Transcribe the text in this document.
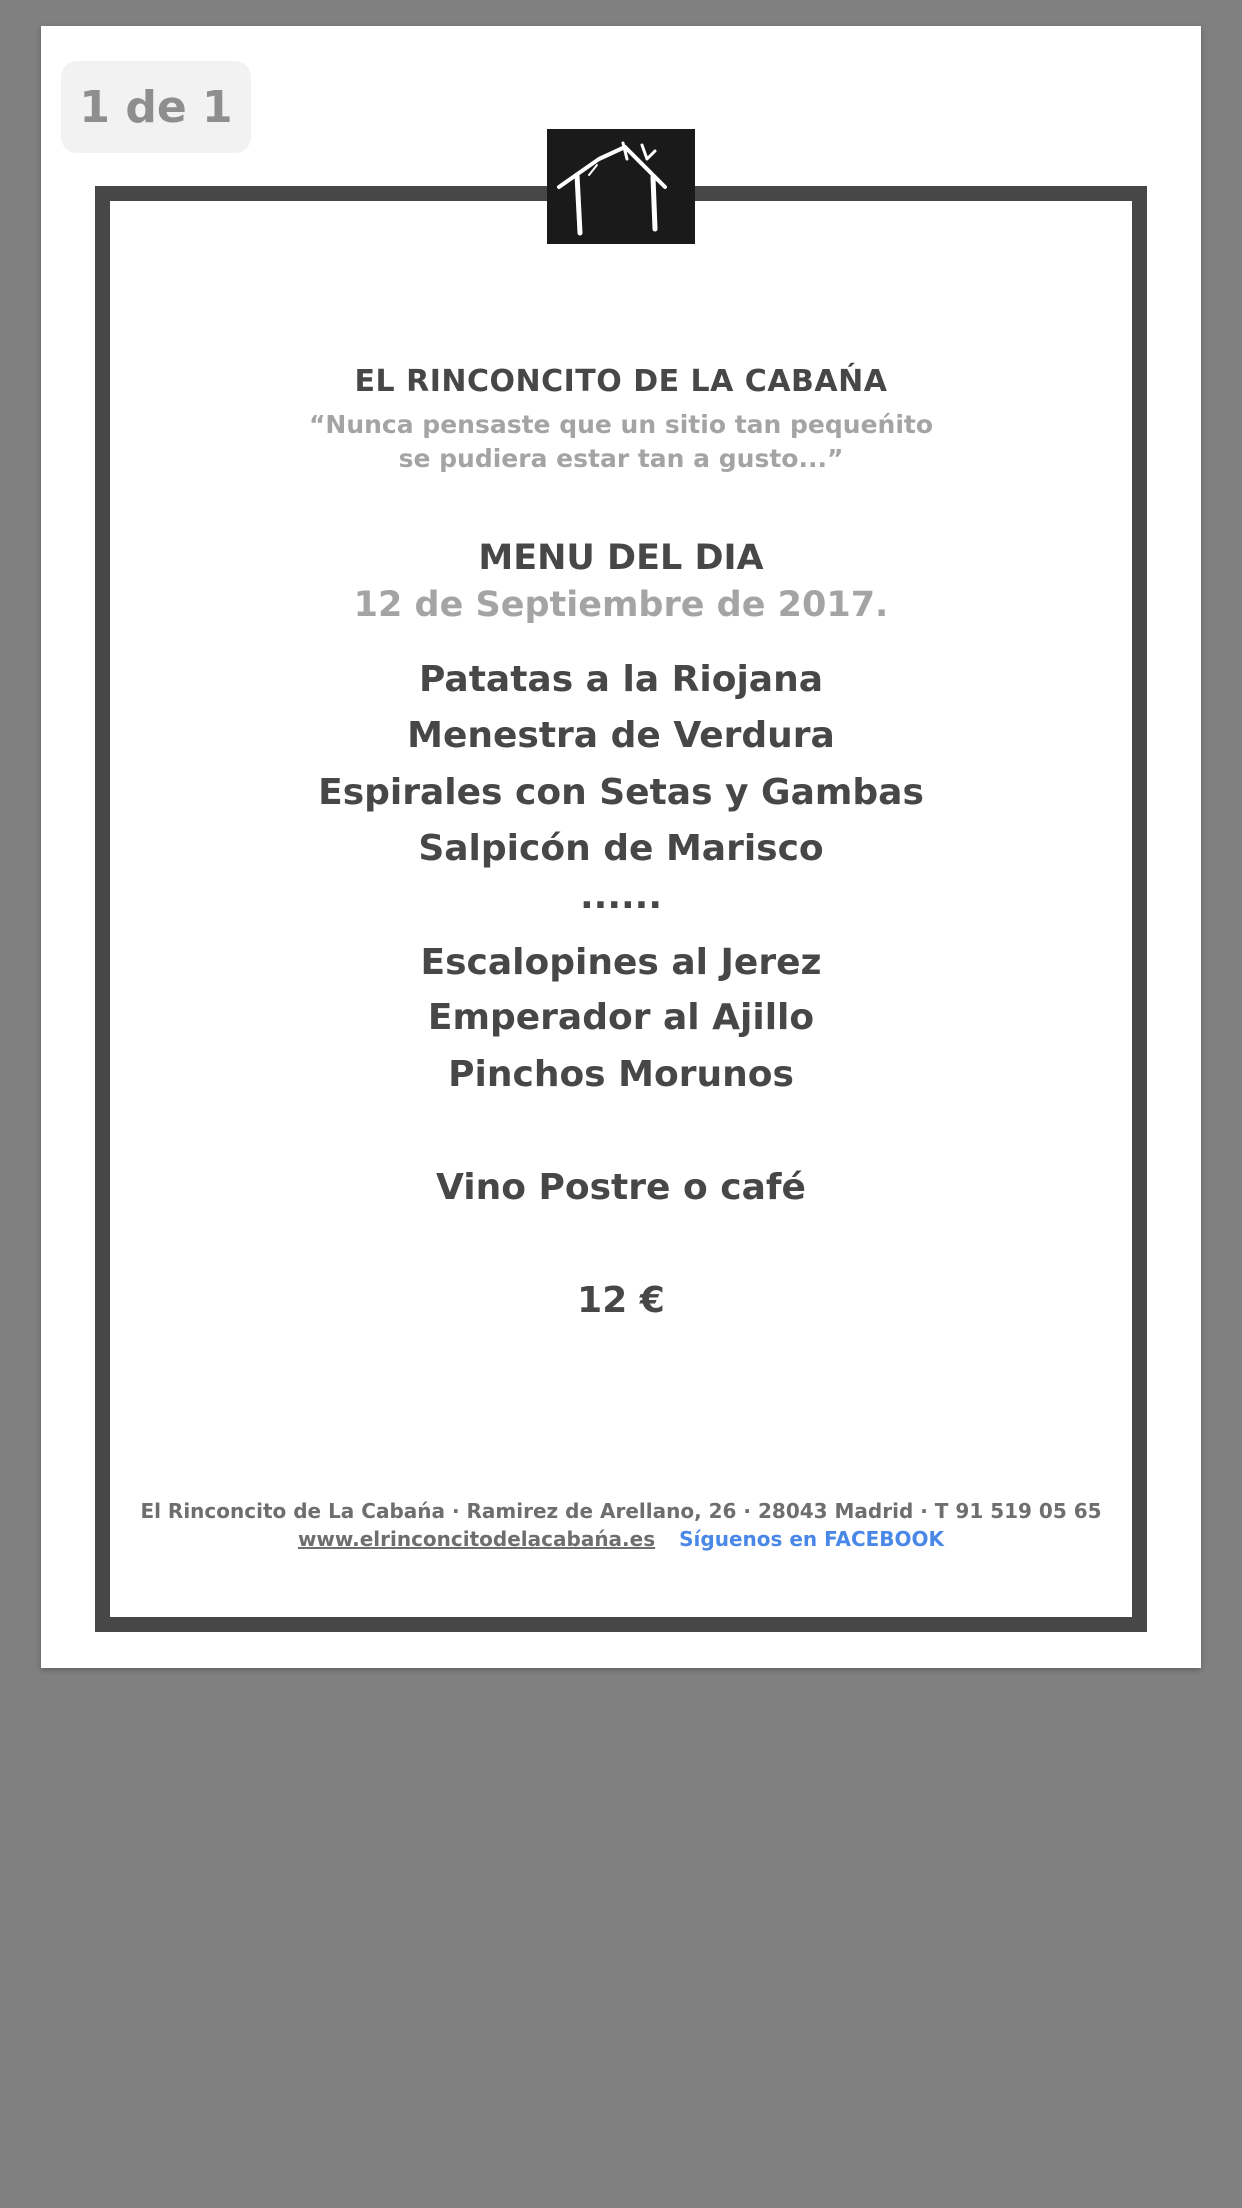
1 de 1
EL RINCONCITO DE LA CABAŃA
“Nunca pensaste que un sitio tan pequeńito
se pudiera estar tan a gusto...”
MENU DEL DIA
12 de Septiembre de 2017.
Patatas a la Riojana
Menestra de Verdura
Espirales con Setas y Gambas
Salpicón de Marisco
......
Escalopines al Jerez
Emperador al Ajillo
Pinchos Morunos
Vino Postre o café
12 €
El Rinconcito de La Cabańa · Ramirez de Arellano, 26 · 28043 Madrid · T 91 519 05 65
www.elrinconcitodelacabańa.es Síguenos en FACEBOOK
